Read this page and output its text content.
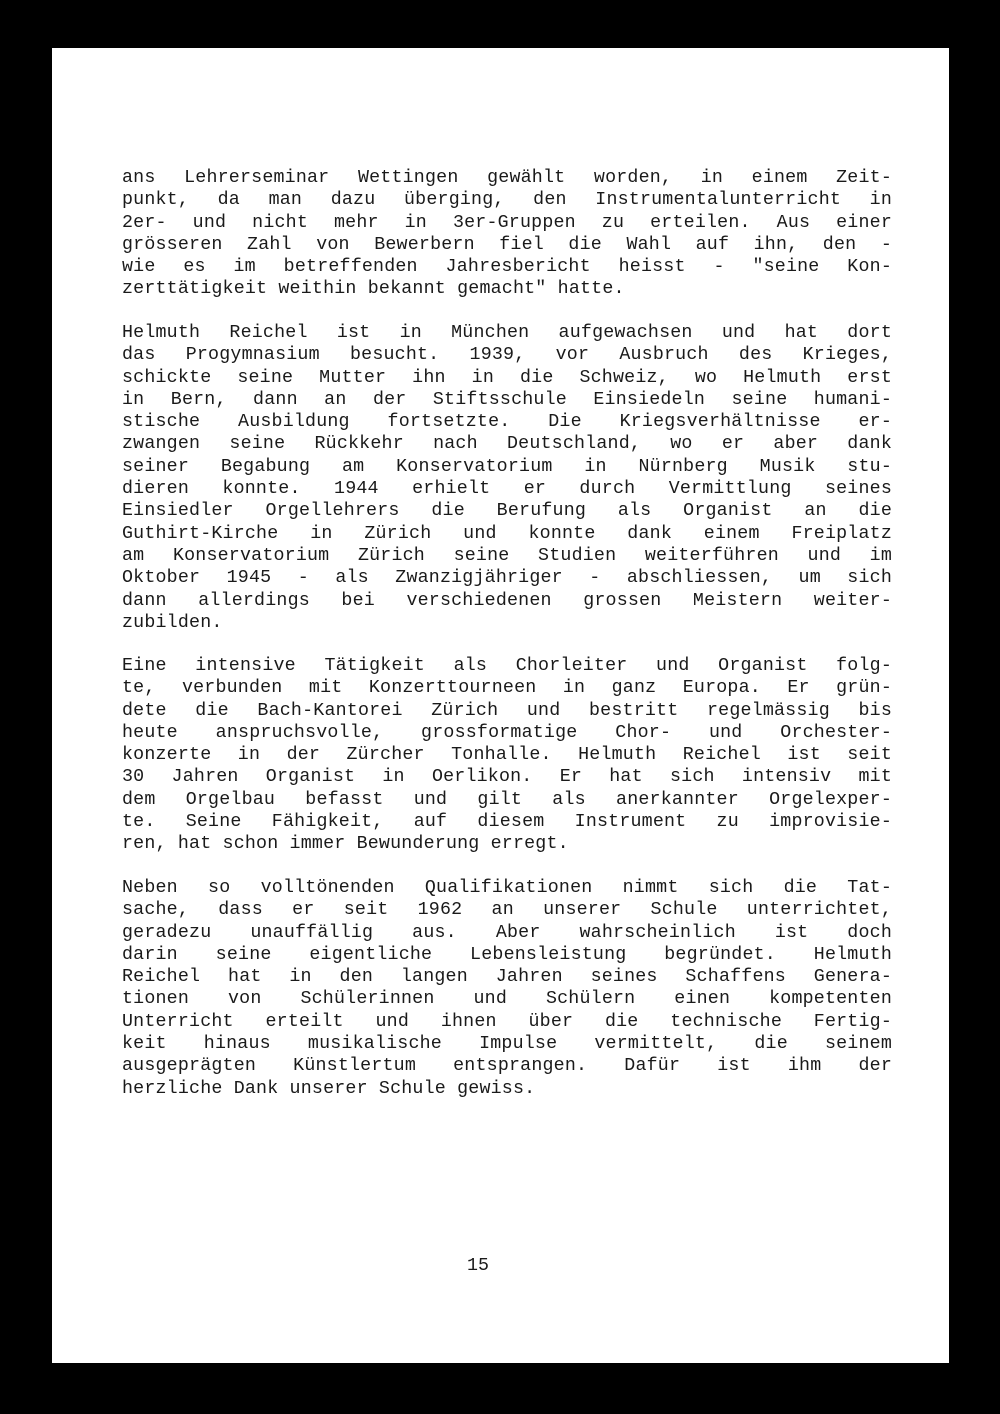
ans Lehrerseminar Wettingen gewählt worden, in einem Zeit-
punkt, da man dazu überging, den Instrumentalunterricht in
2er- und nicht mehr in 3er-Gruppen zu erteilen. Aus einer
grösseren Zahl von Bewerbern fiel die Wahl auf ihn, den -
wie es im betreffenden Jahresbericht heisst - "seine Kon-
zerttätigkeit weithin bekannt gemacht" hatte.
Helmuth Reichel ist in München aufgewachsen und hat dort
das Progymnasium besucht. 1939, vor Ausbruch des Krieges,
schickte seine Mutter ihn in die Schweiz, wo Helmuth erst
in Bern, dann an der Stiftsschule Einsiedeln seine humani-
stische Ausbildung fortsetzte. Die Kriegsverhältnisse er-
zwangen seine Rückkehr nach Deutschland, wo er aber dank
seiner Begabung am Konservatorium in Nürnberg Musik stu-
dieren konnte. 1944 erhielt er durch Vermittlung seines
Einsiedler Orgellehrers die Berufung als Organist an die
Guthirt-Kirche in Zürich und konnte dank einem Freiplatz
am Konservatorium Zürich seine Studien weiterführen und im
Oktober 1945 - als Zwanzigjähriger - abschliessen, um sich
dann allerdings bei verschiedenen grossen Meistern weiter-
zubilden.
Eine intensive Tätigkeit als Chorleiter und Organist folg-
te, verbunden mit Konzerttourneen in ganz Europa. Er grün-
dete die Bach-Kantorei Zürich und bestritt regelmässig bis
heute anspruchsvolle, grossformatige Chor- und Orchester-
konzerte in der Zürcher Tonhalle. Helmuth Reichel ist seit
30 Jahren Organist in Oerlikon. Er hat sich intensiv mit
dem Orgelbau befasst und gilt als anerkannter Orgelexper-
te. Seine Fähigkeit, auf diesem Instrument zu improvisie-
ren, hat schon immer Bewunderung erregt.
Neben so volltönenden Qualifikationen nimmt sich die Tat-
sache, dass er seit 1962 an unserer Schule unterrichtet,
geradezu unauffällig aus. Aber wahrscheinlich ist doch
darin seine eigentliche Lebensleistung begründet. Helmuth
Reichel hat in den langen Jahren seines Schaffens Genera-
tionen von Schülerinnen und Schülern einen kompetenten
Unterricht erteilt und ihnen über die technische Fertig-
keit hinaus musikalische Impulse vermittelt, die seinem
ausgeprägten Künstlertum entsprangen. Dafür ist ihm der
herzliche Dank unserer Schule gewiss.
15
